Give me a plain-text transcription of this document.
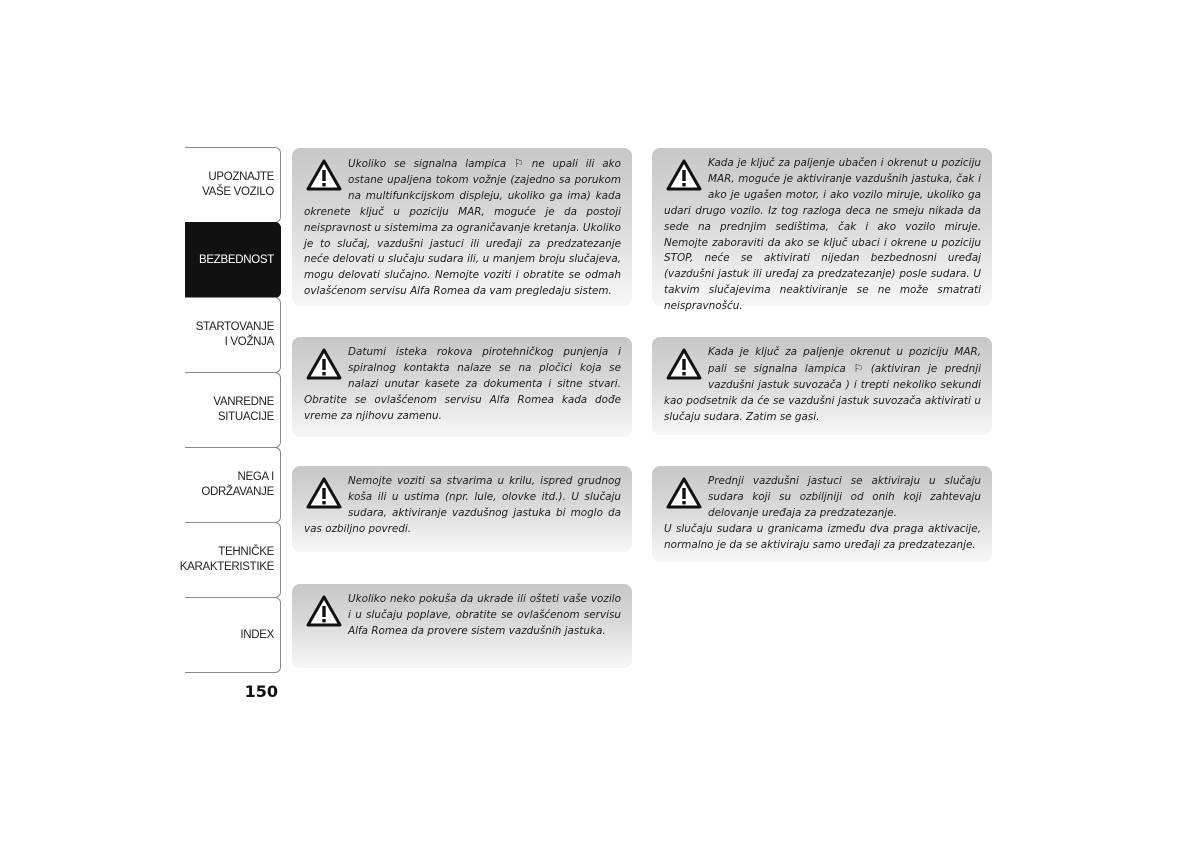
UPOZNAJTE
VAŠE VOZILO
BEZBEDNOST
STARTOVANJE
I VOŽNJA
VANREDNE
SITUACIJE
NEGA I
ODRŽAVANJE
TEHNIČKE
KARAKTERISTIKE
INDEX
150

Ukoliko se signalna lampica ⚐ ne upali ili ako ostane upaljena tokom vožnje (zajedno sa porukom na multifunkcijskom displeju, ukoliko ga ima) kada okrenete ključ u poziciju MAR, moguće je da postoji neispravnost u sistemima za ograničavanje kretanja. Ukoliko je to slučaj, vazdušni jastuci ili uređaji za predzatezanje neće delovati u slučaju sudara ili, u manjem broju slučajeva, mogu delovati slučajno. Nemojte voziti i obratite se odmah ovlašćenom servisu Alfa Romea da vam pregledaju sistem.

Datumi isteka rokova pirotehničkog punjenja i spiralnog kontakta nalaze se na pločici koja se nalazi unutar kasete za dokumenta i sitne stvari. Obratite se ovlašćenom servisu Alfa Romea kada dođe vreme za njihovu zamenu.

Nemojte voziti sa stvarima u krilu, ispred grudnog koša ili u ustima (npr. lule, olovke itd.). U slučaju sudara, aktiviranje vazdušnog jastuka bi moglo da vas ozbiljno povredi.

Ukoliko neko pokuša da ukrade ili ošteti vaše vozilo i u slučaju poplave, obratite se ovlašćenom servisu Alfa Romea da provere sistem vazdušnih jastuka.

Kada je ključ za paljenje ubačen i okrenut u poziciju MAR, moguće je aktiviranje vazdušnih jastuka, čak i ako je ugašen motor, i ako vozilo miruje, ukoliko ga udari drugo vozilo. Iz tog razloga deca ne smeju nikada da sede na prednjim sedištima, čak i ako vozilo miruje. Nemojte zaboraviti da ako se ključ ubaci i okrene u poziciju STOP, neće se aktivirati nijedan bezbednosni uređaj (vazdušni jastuk ili uređaj za predzatezanje) posle sudara. U takvim slučajevima neaktiviranje se ne može smatrati neispravnošću.

Kada je ključ za paljenje okrenut u poziciju MAR, pali se signalna lampica ⚐ (aktiviran je prednji vazdušni jastuk suvozača ) i trepti nekoliko sekundi kao podsetnik da će se vazdušni jastuk suvozača aktivirati u slučaju sudara. Zatim se gasi.

Prednji vazdušni jastuci se aktiviraju u slučaju sudara koji su ozbiljniji od onih koji zahtevaju delovanje uređaja za predzatezanje.

U slučaju sudara u granicama između dva praga aktivacije, normalno je da se aktiviraju samo uređaji za predzatezanje.
